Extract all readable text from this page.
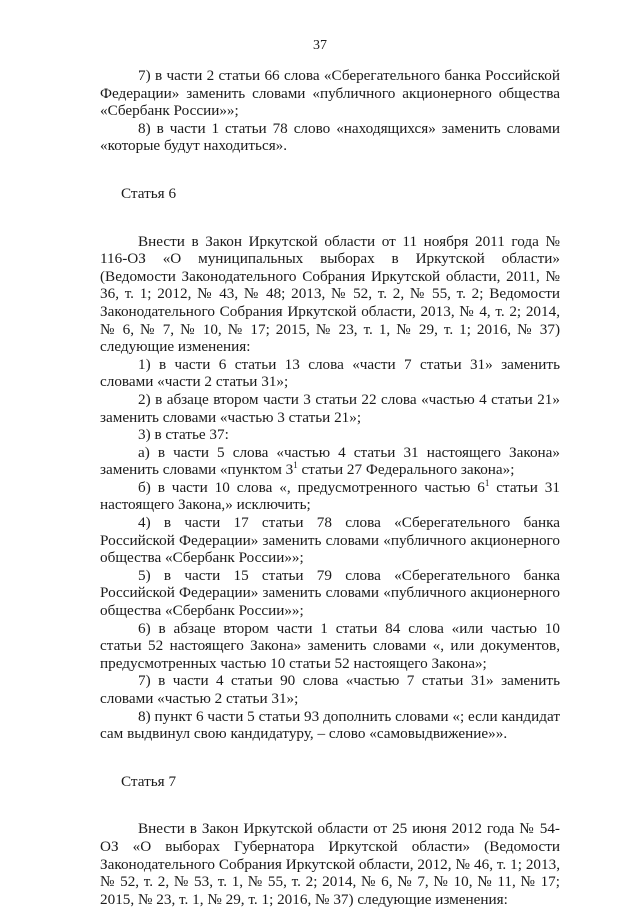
37

7) в части 2 статьи 66 слова «Сберегательного банка Российской Федерации» заменить словами «публичного акционерного общества «Сбербанк России»»;

8) в части 1 статьи 78 слово «находящихся» заменить словами «которые будут находиться».

Статья 6

Внести в Закон Иркутской области от 11 ноября 2011 года № 116-ОЗ «О муниципальных выборах в Иркутской области» (Ведомости Законодательного Собрания Иркутской области, 2011, № 36, т. 1; 2012, № 43, № 48; 2013, № 52, т. 2, № 55, т. 2; Ведомости Законодательного Собрания Иркутской области, 2013, № 4, т. 2; 2014, № 6, № 7, № 10, № 17; 2015, № 23, т. 1, № 29, т. 1; 2016, № 37) следующие изменения:

1) в части 6 статьи 13 слова «части 7 статьи 31» заменить словами «части 2 статьи 31»;

2) в абзаце втором части 3 статьи 22 слова «частью 4 статьи 21» заменить словами «частью 3 статьи 21»;

3) в статье 37:

а) в части 5 слова «частью 4 статьи 31 настоящего Закона» заменить словами «пунктом $3^1$ статьи 27 Федерального закона»;

б) в части 10 слова «, предусмотренного частью $6^1$ статьи 31 настоящего Закона,» исключить;

4) в части 17 статьи 78 слова «Сберегательного банка Российской Федерации» заменить словами «публичного акционерного общества «Сбербанк России»»;

5) в части 15 статьи 79 слова «Сберегательного банка Российской Федерации» заменить словами «публичного акционерного общества «Сбербанк России»»;

6) в абзаце втором части 1 статьи 84 слова «или частью 10 статьи 52 настоящего Закона» заменить словами «, или документов, предусмотренных частью 10 статьи 52 настоящего Закона»;

7) в части 4 статьи 90 слова «частью 7 статьи 31» заменить словами «частью 2 статьи 31»;

8) пункт 6 части 5 статьи 93 дополнить словами «; если кандидат сам выдвинул свою кандидатуру, – слово «самовыдвижение»».

Статья 7

Внести в Закон Иркутской области от 25 июня 2012 года № 54-ОЗ «О выборах Губернатора Иркутской области» (Ведомости Законодательного Собрания Иркутской области, 2012, № 46, т. 1; 2013, № 52, т. 2, № 53, т. 1, № 55, т. 2; 2014, № 6, № 7, № 10, № 11, № 17; 2015, № 23, т. 1, № 29, т. 1; 2016, № 37) следующие изменения:
